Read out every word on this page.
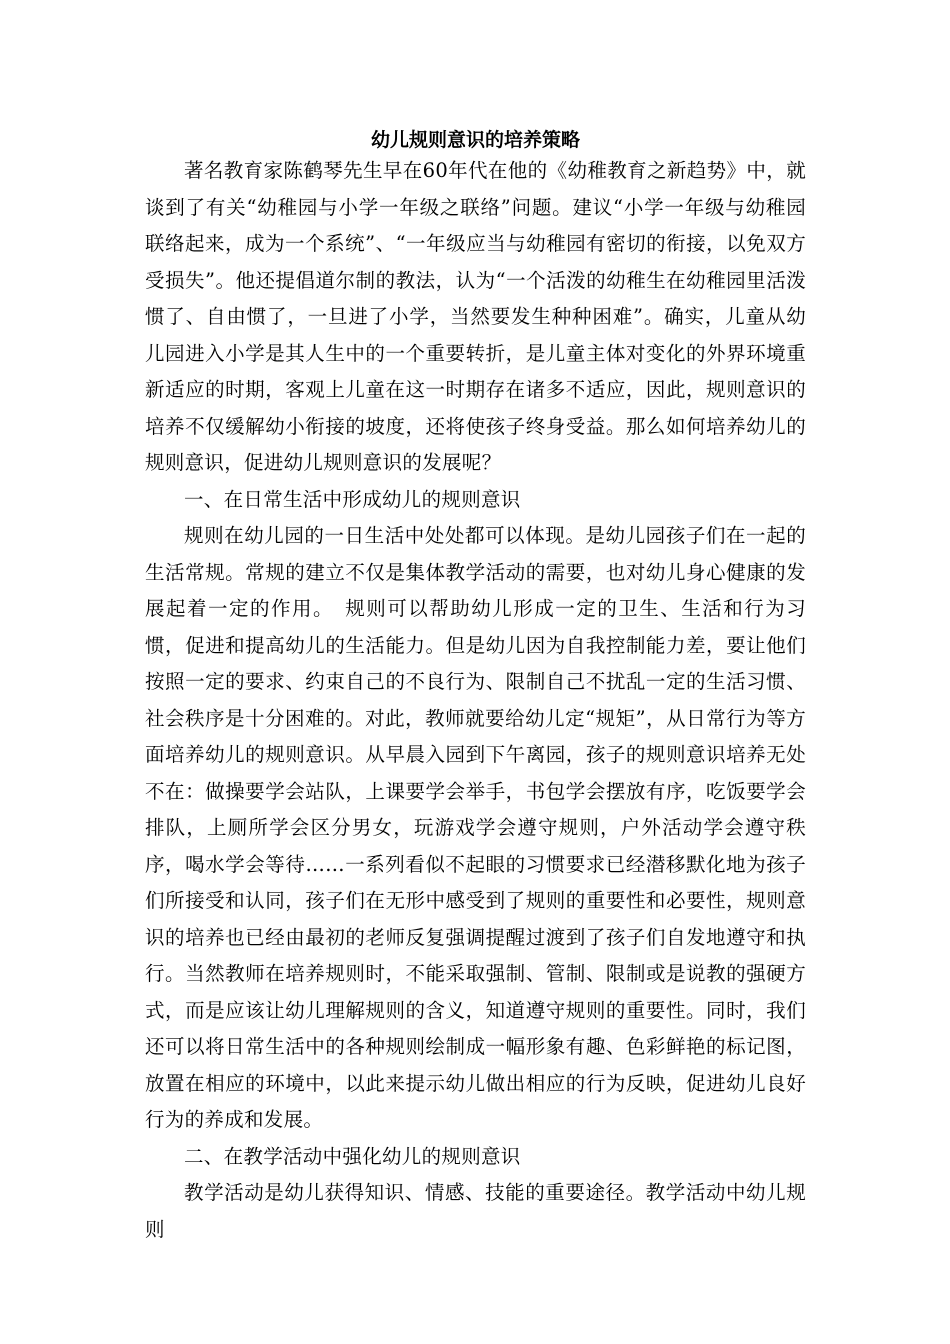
幼儿规则意识的培养策略

著名教育家陈鹤琴先生早在60年代在他的《幼稚教育之新趋势》中，就谈到了有关“幼稚园与小学一年级之联络”问题。建议“小学一年级与幼稚园联络起来，成为一个系统”、“一年级应当与幼稚园有密切的衔接，以免双方受损失”。他还提倡道尔制的教法，认为“一个活泼的幼稚生在幼稚园里活泼惯了、自由惯了，一旦进了小学，当然要发生种种困难”。确实，儿童从幼儿园进入小学是其人生中的一个重要转折，是儿童主体对变化的外界环境重新适应的时期，客观上儿童在这一时期存在诸多不适应，因此，规则意识的培养不仅缓解幼小衔接的坡度，还将使孩子终身受益。那么如何培养幼儿的规则意识，促进幼儿规则意识的发展呢？

一、在日常生活中形成幼儿的规则意识

规则在幼儿园的一日生活中处处都可以体现。是幼儿园孩子们在一起的生活常规。常规的建立不仅是集体教学活动的需要，也对幼儿身心健康的发展起着一定的作用。　规则可以帮助幼儿形成一定的卫生、生活和行为习惯，促进和提高幼儿的生活能力。但是幼儿因为自我控制能力差，要让他们按照一定的要求、约束自己的不良行为、限制自己不扰乱一定的生活习惯、社会秩序是十分困难的。对此，教师就要给幼儿定“规矩”，从日常行为等方面培养幼儿的规则意识。从早晨入园到下午离园，孩子的规则意识培养无处不在：做操要学会站队，上课要学会举手，书包学会摆放有序，吃饭要学会排队，上厕所学会区分男女，玩游戏学会遵守规则，户外活动学会遵守秩序，喝水学会等待……一系列看似不起眼的习惯要求已经潜移默化地为孩子们所接受和认同，孩子们在无形中感受到了规则的重要性和必要性，规则意识的培养也已经由最初的老师反复强调提醒过渡到了孩子们自发地遵守和执行。当然教师在培养规则时，不能采取强制、管制、限制或是说教的强硬方式，而是应该让幼儿理解规则的含义，知道遵守规则的重要性。同时，我们还可以将日常生活中的各种规则绘制成一幅形象有趣、色彩鲜艳的标记图，放置在相应的环境中，以此来提示幼儿做出相应的行为反映，促进幼儿良好行为的养成和发展。

二、在教学活动中强化幼儿的规则意识

教学活动是幼儿获得知识、情感、技能的重要途径。教学活动中幼儿规则
